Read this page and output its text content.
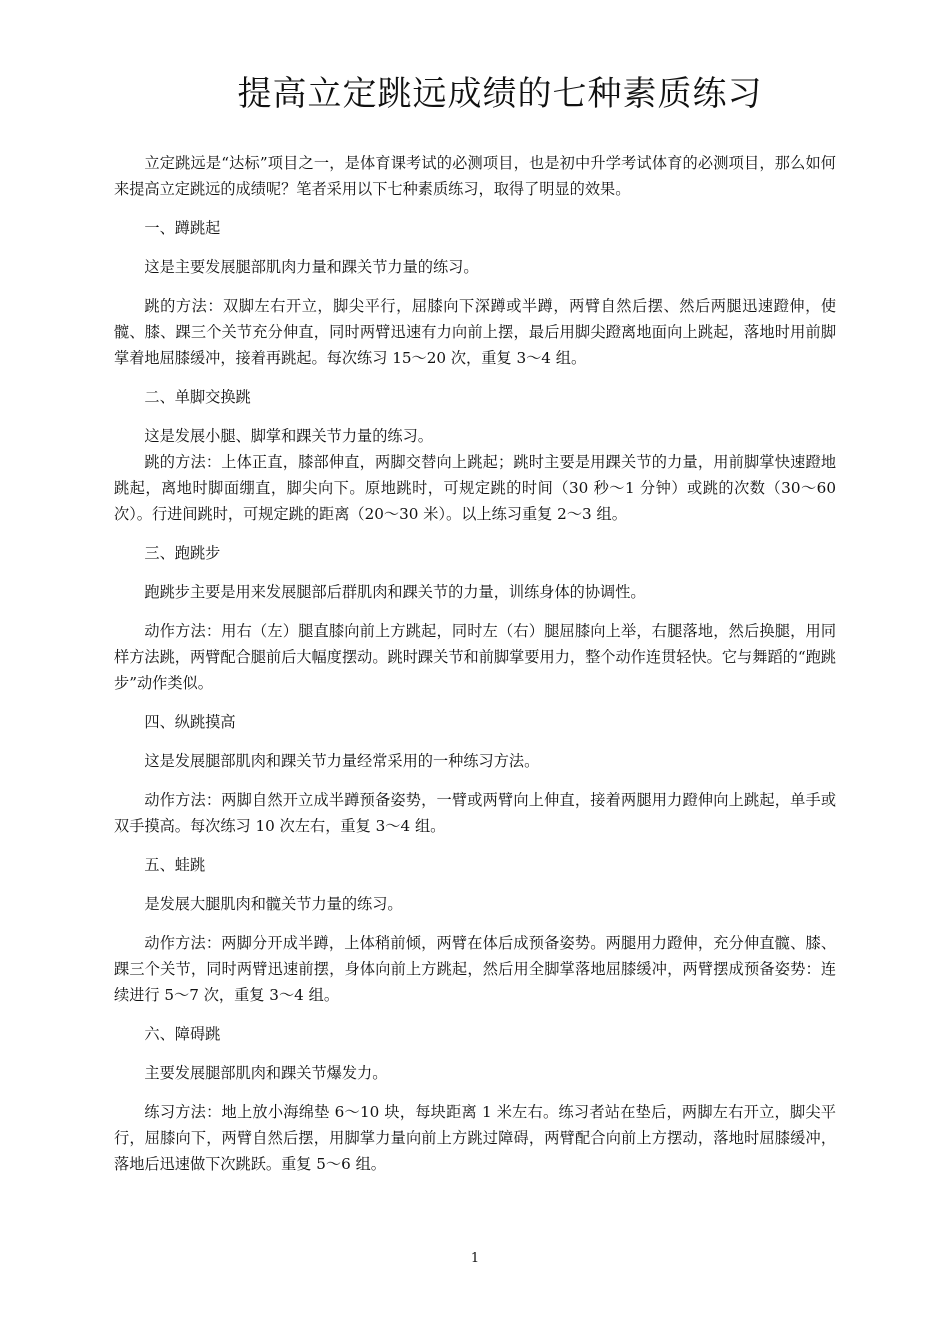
提高立定跳远成绩的七种素质练习

立定跳远是“达标”项目之一，是体育课考试的必测项目，也是初中升学考试体育的必测项目，那么如何来提高立定跳远的成绩呢？笔者采用以下七种素质练习，取得了明显的效果。

一、蹲跳起

这是主要发展腿部肌肉力量和踝关节力量的练习。

跳的方法：双脚左右开立，脚尖平行，屈膝向下深蹲或半蹲，两臂自然后摆、然后两腿迅速蹬伸，使髋、膝、踝三个关节充分伸直，同时两臂迅速有力向前上摆，最后用脚尖蹬离地面向上跳起，落地时用前脚掌着地屈膝缓冲，接着再跳起。每次练习 15～20 次，重复 3～4 组。

二、单脚交换跳

这是发展小腿、脚掌和踝关节力量的练习。

跳的方法：上体正直，膝部伸直，两脚交替向上跳起；跳时主要是用踝关节的力量，用前脚掌快速蹬地跳起，离地时脚面绷直，脚尖向下。原地跳时，可规定跳的时间（30 秒～1 分钟）或跳的次数（30～60 次）。行进间跳时，可规定跳的距离（20～30 米）。以上练习重复 2～3 组。

三、跑跳步

跑跳步主要是用来发展腿部后群肌肉和踝关节的力量，训练身体的协调性。

动作方法：用右（左）腿直膝向前上方跳起，同时左（右）腿屈膝向上举，右腿落地，然后换腿，用同样方法跳，两臂配合腿前后大幅度摆动。跳时踝关节和前脚掌要用力，整个动作连贯轻快。它与舞蹈的“跑跳步”动作类似。

四、纵跳摸高

这是发展腿部肌肉和踝关节力量经常采用的一种练习方法。

动作方法：两脚自然开立成半蹲预备姿势，一臂或两臂向上伸直，接着两腿用力蹬伸向上跳起，单手或双手摸高。每次练习 10 次左右，重复 3～4 组。

五、蛙跳

是发展大腿肌肉和髋关节力量的练习。

动作方法：两脚分开成半蹲，上体稍前倾，两臂在体后成预备姿势。两腿用力蹬伸，充分伸直髋、膝、踝三个关节，同时两臂迅速前摆，身体向前上方跳起，然后用全脚掌落地屈膝缓冲，两臂摆成预备姿势：连续进行 5～7 次，重复 3～4 组。

六、障碍跳

主要发展腿部肌肉和踝关节爆发力。

练习方法：地上放小海绵垫 6～10 块，每块距离 1 米左右。练习者站在垫后，两脚左右开立，脚尖平行，屈膝向下，两臂自然后摆，用脚掌力量向前上方跳过障碍，两臂配合向前上方摆动，落地时屈膝缓冲，落地后迅速做下次跳跃。重复 5～6 组。

1
